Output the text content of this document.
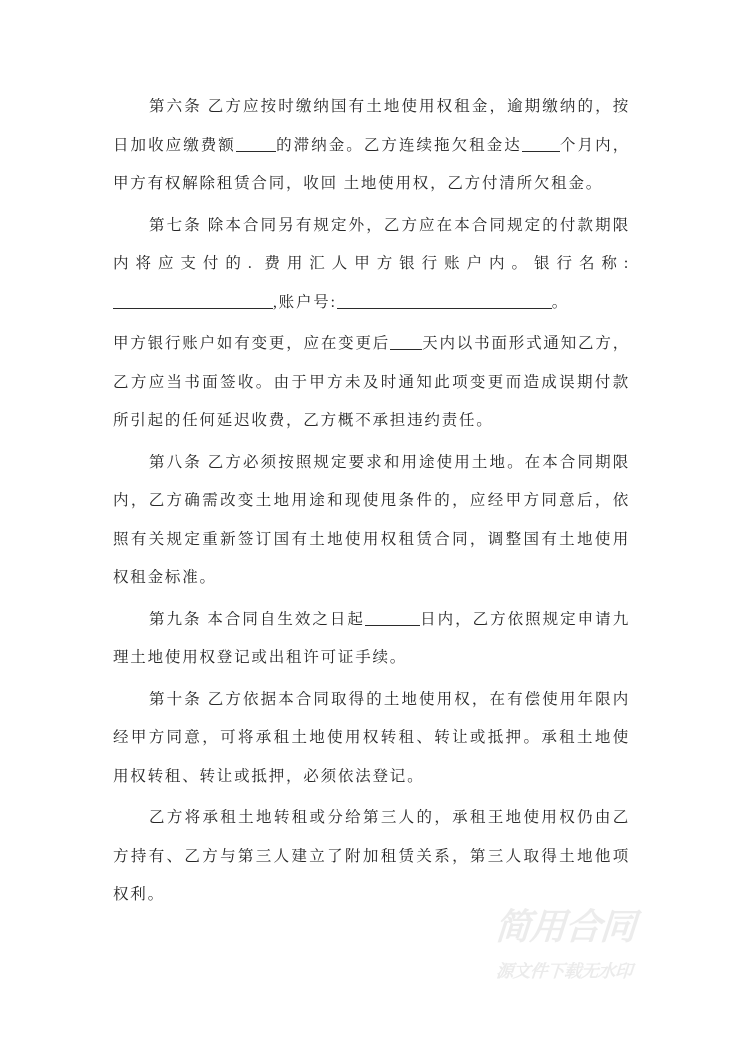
第六条 乙方应按时缴纳国有土地使用权租金，逾期缴纳的，按日加收应缴费额	的滞纳金。乙方连续拖欠租金达 个月内，甲方有权解除租赁合同，收回 土地使用权，乙方付清所欠租金。

第七条 除本合同另有规定外，乙方应在本合同规定的付款期限内将应支付的. 费用汇人甲方银行账户内。银行名称:,账户号:	。

甲方银行账户如有变更，应在变更后 天内以书面形式通知乙方，乙方应当书面签收。由于甲方未及时通知此项变更而造成误期付款所引起的任何延迟收费，乙方概不承担违约责任。

第八条 乙方必须按照规定要求和用途使用土地。在本合同期限内，乙方确需改变土地用途和现使甩条件的，应经甲方同意后，依照有关规定重新签订国有土地使用权租赁合同，调整国有土地使用权租金标准。

第九条 本合同自生效之日起	日内，乙方依照规定申请九理土地使用权登记或出租许可证手续。

第十条 乙方依据本合同取得的土地使用权，在有偿使用年限内经甲方同意，可将承租土地使用权转租、转让或抵押。承租土地使用权转租、转让或抵押，必须依法登记。

乙方将承租土地转租或分给第三人的，承租王地使用权仍由乙方持有、乙方与第三人建立了附加租赁关系，第三人取得土地他项权利。

简用合同
源文件下载无水印
